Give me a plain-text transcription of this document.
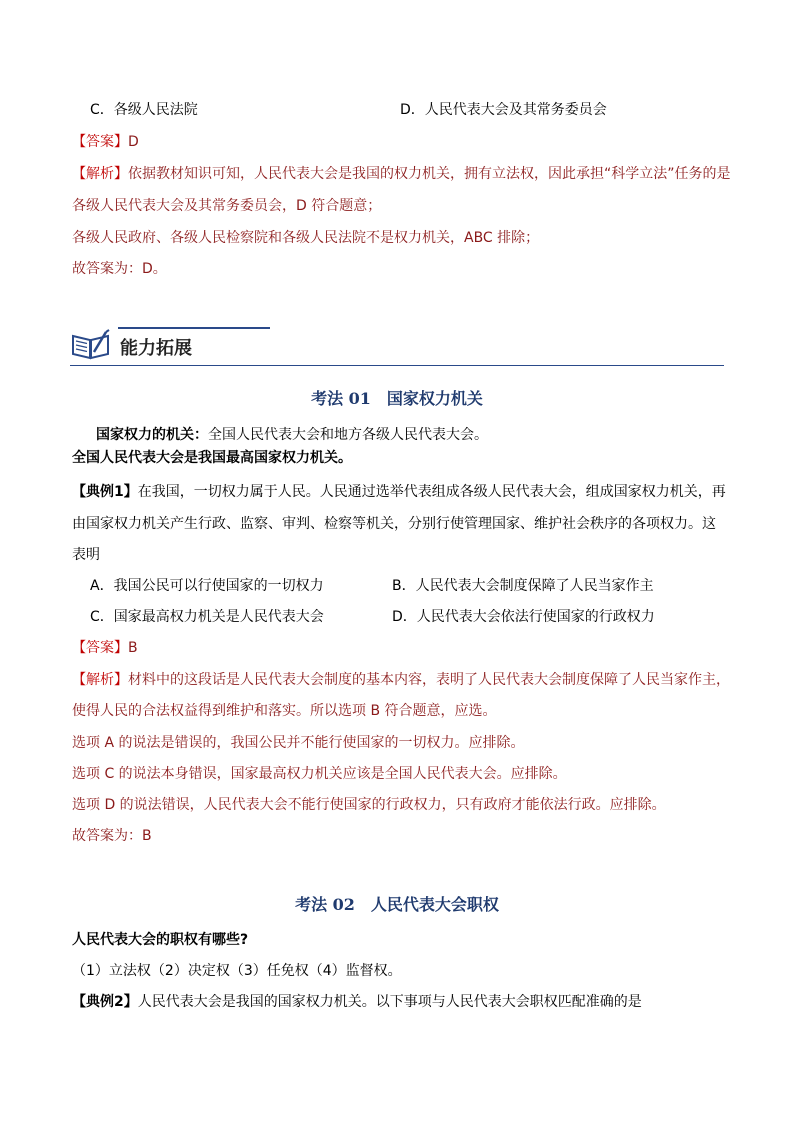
C．各级人民法院	D．人民代表大会及其常务委员会
【答案】D
【解析】依据教材知识可知，人民代表大会是我国的权力机关，拥有立法权，因此承担“科学立法”任务的是
各级人民代表大会及其常务委员会，D 符合题意；
各级人民政府、各级人民检察院和各级人民法院不是权力机关，ABC 排除；
故答案为：D。
能力拓展
考法 01 国家权力机关
国家权力的机关：全国人民代表大会和地方各级人民代表大会。
全国人民代表大会是我国最高国家权力机关。
【典例1】在我国，一切权力属于人民。人民通过选举代表组成各级人民代表大会，组成国家权力机关，再
由国家权力机关产生行政、监察、审判、检察等机关，分别行使管理国家、维护社会秩序的各项权力。这
表明
A．我国公民可以行使国家的一切权力	B．人民代表大会制度保障了人民当家作主
C．国家最高权力机关是人民代表大会	D．人民代表大会依法行使国家的行政权力
【答案】B
【解析】材料中的这段话是人民代表大会制度的基本内容，表明了人民代表大会制度保障了人民当家作主，
使得人民的合法权益得到维护和落实。所以选项 B 符合题意，应选。
选项 A 的说法是错误的，我国公民并不能行使国家的一切权力。应排除。
选项 C 的说法本身错误，国家最高权力机关应该是全国人民代表大会。应排除。
选项 D 的说法错误，人民代表大会不能行使国家的行政权力，只有政府才能依法行政。应排除。
故答案为：B
考法 02 人民代表大会职权
人民代表大会的职权有哪些?
（1）立法权（2）决定权（3）任免权（4）监督权。
【典例2】人民代表大会是我国的国家权力机关。以下事项与人民代表大会职权匹配准确的是
